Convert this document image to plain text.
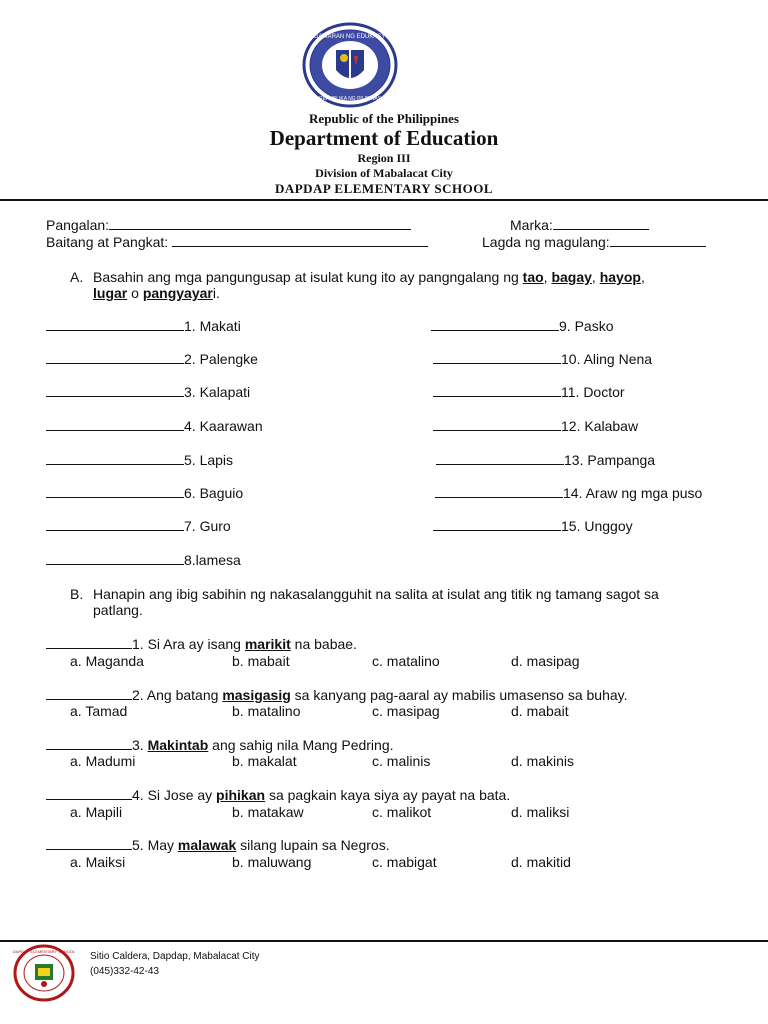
KAGAWARAN NG EDUKASYON
REPUBLIKA NG PILIPINAS
Republic of the Philippines
Department of Education
Region III
Division of Mabalacat City
DAPDAP ELEMENTARY SCHOOL
Pangalan:	Marka:
Baitang at Pangkat:	Lagda ng magulang:
A. Basahin ang mga pangungusap at isulat kung ito ay pangngalang ng tao, bagay, hayop,
lugar o pangyayari.
1. Makati
2. Palengke
3. Kalapati
4. Kaarawan
5. Lapis
6. Baguio
7. Guro
8.lamesa
9. Pasko
10. Aling Nena
11. Doctor
12. Kalabaw
13. Pampanga
14. Araw ng mga puso
15. Unggoy
B. Hanapin ang ibig sabihin ng nakasalangguhit na salita at isulat ang titik ng tamang sagot sa
patlang.
1. Si Ara ay isang marikit na babae.
a. Maganda	b. mabait	c. matalino	d. masipag
2. Ang batang masigasig sa kanyang pag-aaral ay mabilis umasenso sa buhay.
a. Tamad	b. matalino	c. masipag	d. mabait
3. Makintab ang sahig nila Mang Pedring.
a. Madumi	b. makalat	c. malinis	d. makinis
4. Si Jose ay pihikan sa pagkain kaya siya ay payat na bata.
a. Mapili	b. matakaw	c. malikot	d. maliksi
5. May malawak silang lupain sa Negros.
a. Maiksi	b. maluwang	c. mabigat	d. makitid
DAPDAP ELEMENTARY SCHOOL Sitio Caldera, Dapdap, Mabalacat City
(045)332-42-43
